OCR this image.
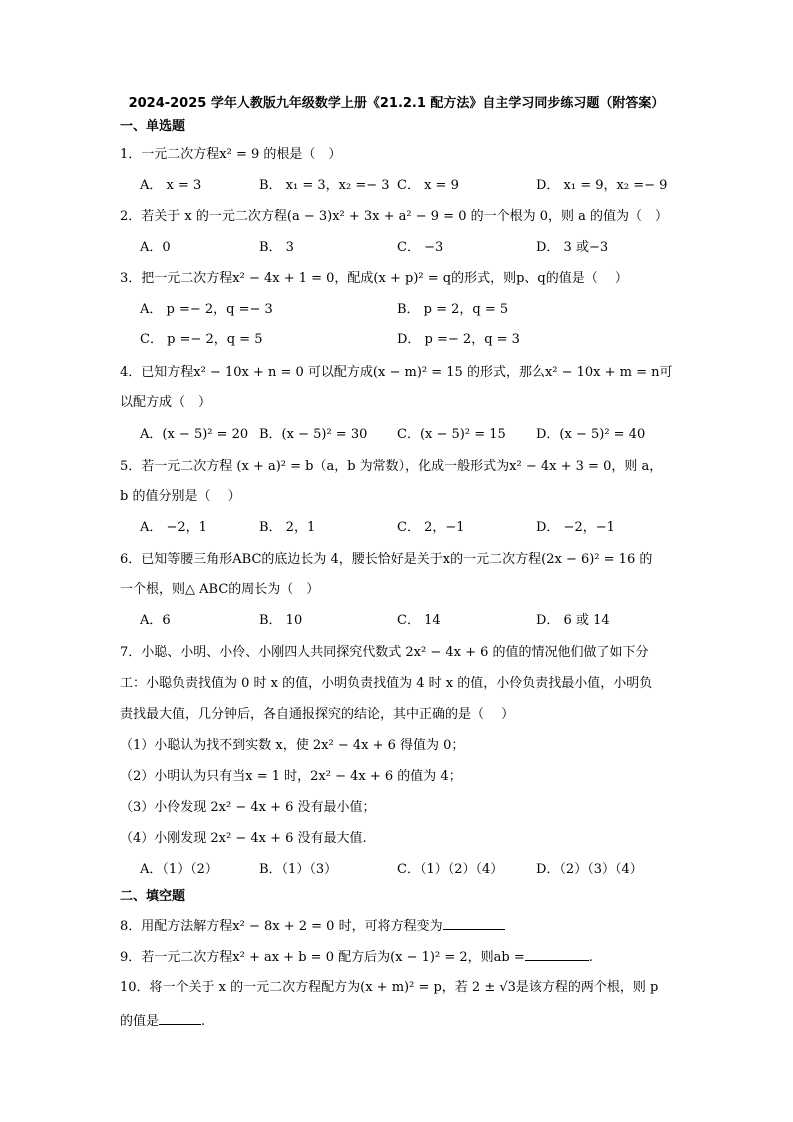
2024-2025 学年人教版九年级数学上册《21.2.1 配方法》自主学习同步练习题（附答案）
一、单选题
1．一元二次方程x² = 9 的根是（　）
A． x = 3	B． x₁ = 3，x₂ =− 3 C． x = 9	D． x₁ = 9，x₂ =− 9
2．若关于 x 的一元二次方程(a − 3)x² + 3x + a² − 9 = 0 的一个根为 0，则 a 的值为（　）
A．0	B． 3	C． −3	D． 3 或−3
3．把一元二次方程x² − 4x + 1 = 0，配成(x + p)² = q的形式，则p、q的值是（　 ）
A． p =− 2，q =− 3	B． p = 2，q = 5
C． p =− 2，q = 5	D． p =− 2，q = 3
4．已知方程x² − 10x + n = 0 可以配方成(x − m)² = 15 的形式，那么x² − 10x + m = n可
以配方成（　）
A．(x − 5)² = 20 B．(x − 5)² = 30 C．(x − 5)² = 15 D．(x − 5)² = 40
5．若一元二次方程 (x + a)² = b（a，b 为常数），化成一般形式为x² − 4x + 3 = 0，则 a，
b 的值分别是（　 ）
A． −2，1	B． 2，1	C． 2，−1	D． −2，−1
6．已知等腰三角形ABC的底边长为 4，腰长恰好是关于x的一元二次方程(2x − 6)² = 16 的
一个根，则△ ABC的周长为（　）
A．6	B． 10	C． 14	D． 6 或 14
7．小聪、小明、小伶、小刚四人共同探究代数式 2x² − 4x + 6 的值的情况他们做了如下分
工：小聪负责找值为 0 时 x 的值，小明负责找值为 4 时 x 的值，小伶负责找最小值，小明负
责找最大值，几分钟后，各自通报探究的结论，其中正确的是（　 ）
（1）小聪认为找不到实数 x，使 2x² − 4x + 6 得值为 0；
（2）小明认为只有当x = 1 时，2x² − 4x + 6 的值为 4；
（3）小伶发现 2x² − 4x + 6 没有最小值；
（4）小刚发现 2x² − 4x + 6 没有最大值.
A．（1）（2）	B．（1）（3）	C．（1）（2）（4）	D．（2）（3）（4）
二、填空题
8．用配方法解方程x² − 8x + 2 = 0 时，可将方程变为
9．若一元二次方程x² + ax + b = 0 配方后为(x − 1)² = 2，则ab =	.
10．将一个关于 x 的一元二次方程配方为(x + m)² = p，若 2 ± √3是该方程的两个根，则 p
的值是	.
